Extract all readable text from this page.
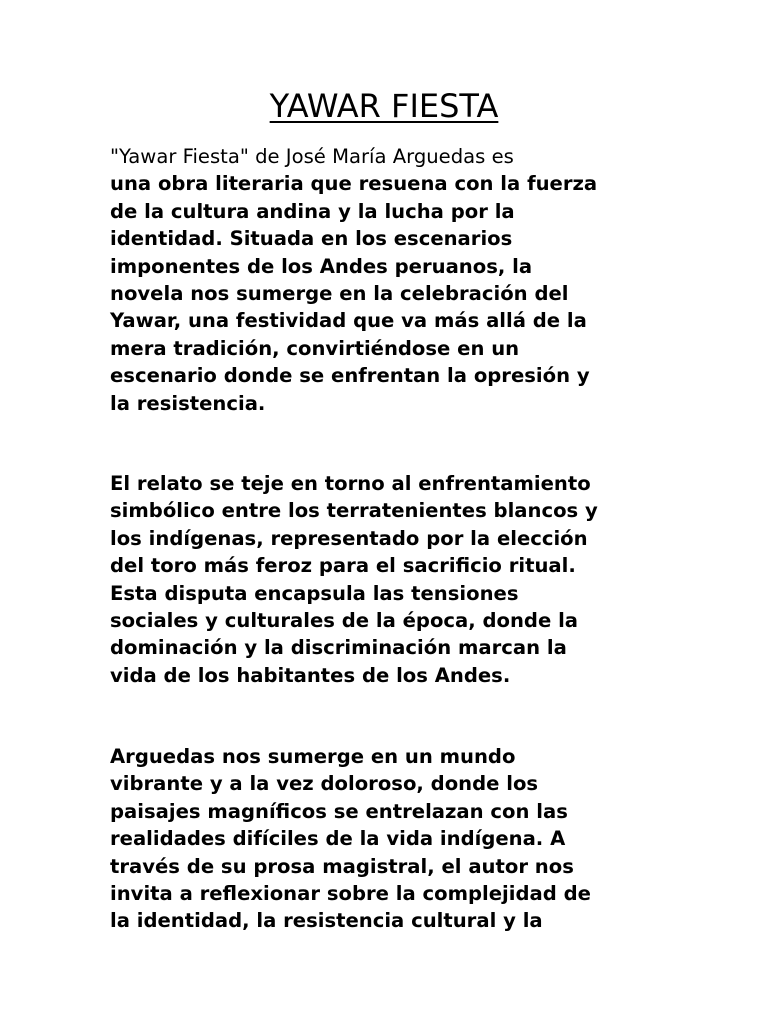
YAWAR FIESTA

"Yawar Fiesta" de José María Arguedas es
una obra literaria que resuena con la fuerza
de la cultura andina y la lucha por la
identidad. Situada en los escenarios
imponentes de los Andes peruanos, la
novela nos sumerge en la celebración del
Yawar, una festividad que va más allá de la
mera tradición, convirtiéndose en un
escenario donde se enfrentan la opresión y
la resistencia.

El relato se teje en torno al enfrentamiento
simbólico entre los terratenientes blancos y
los indígenas, representado por la elección
del toro más feroz para el sacrificio ritual.
Esta disputa encapsula las tensiones
sociales y culturales de la época, donde la
dominación y la discriminación marcan la
vida de los habitantes de los Andes.

Arguedas nos sumerge en un mundo
vibrante y a la vez doloroso, donde los
paisajes magníficos se entrelazan con las
realidades difíciles de la vida indígena. A
través de su prosa magistral, el autor nos
invita a reflexionar sobre la complejidad de
la identidad, la resistencia cultural y la
